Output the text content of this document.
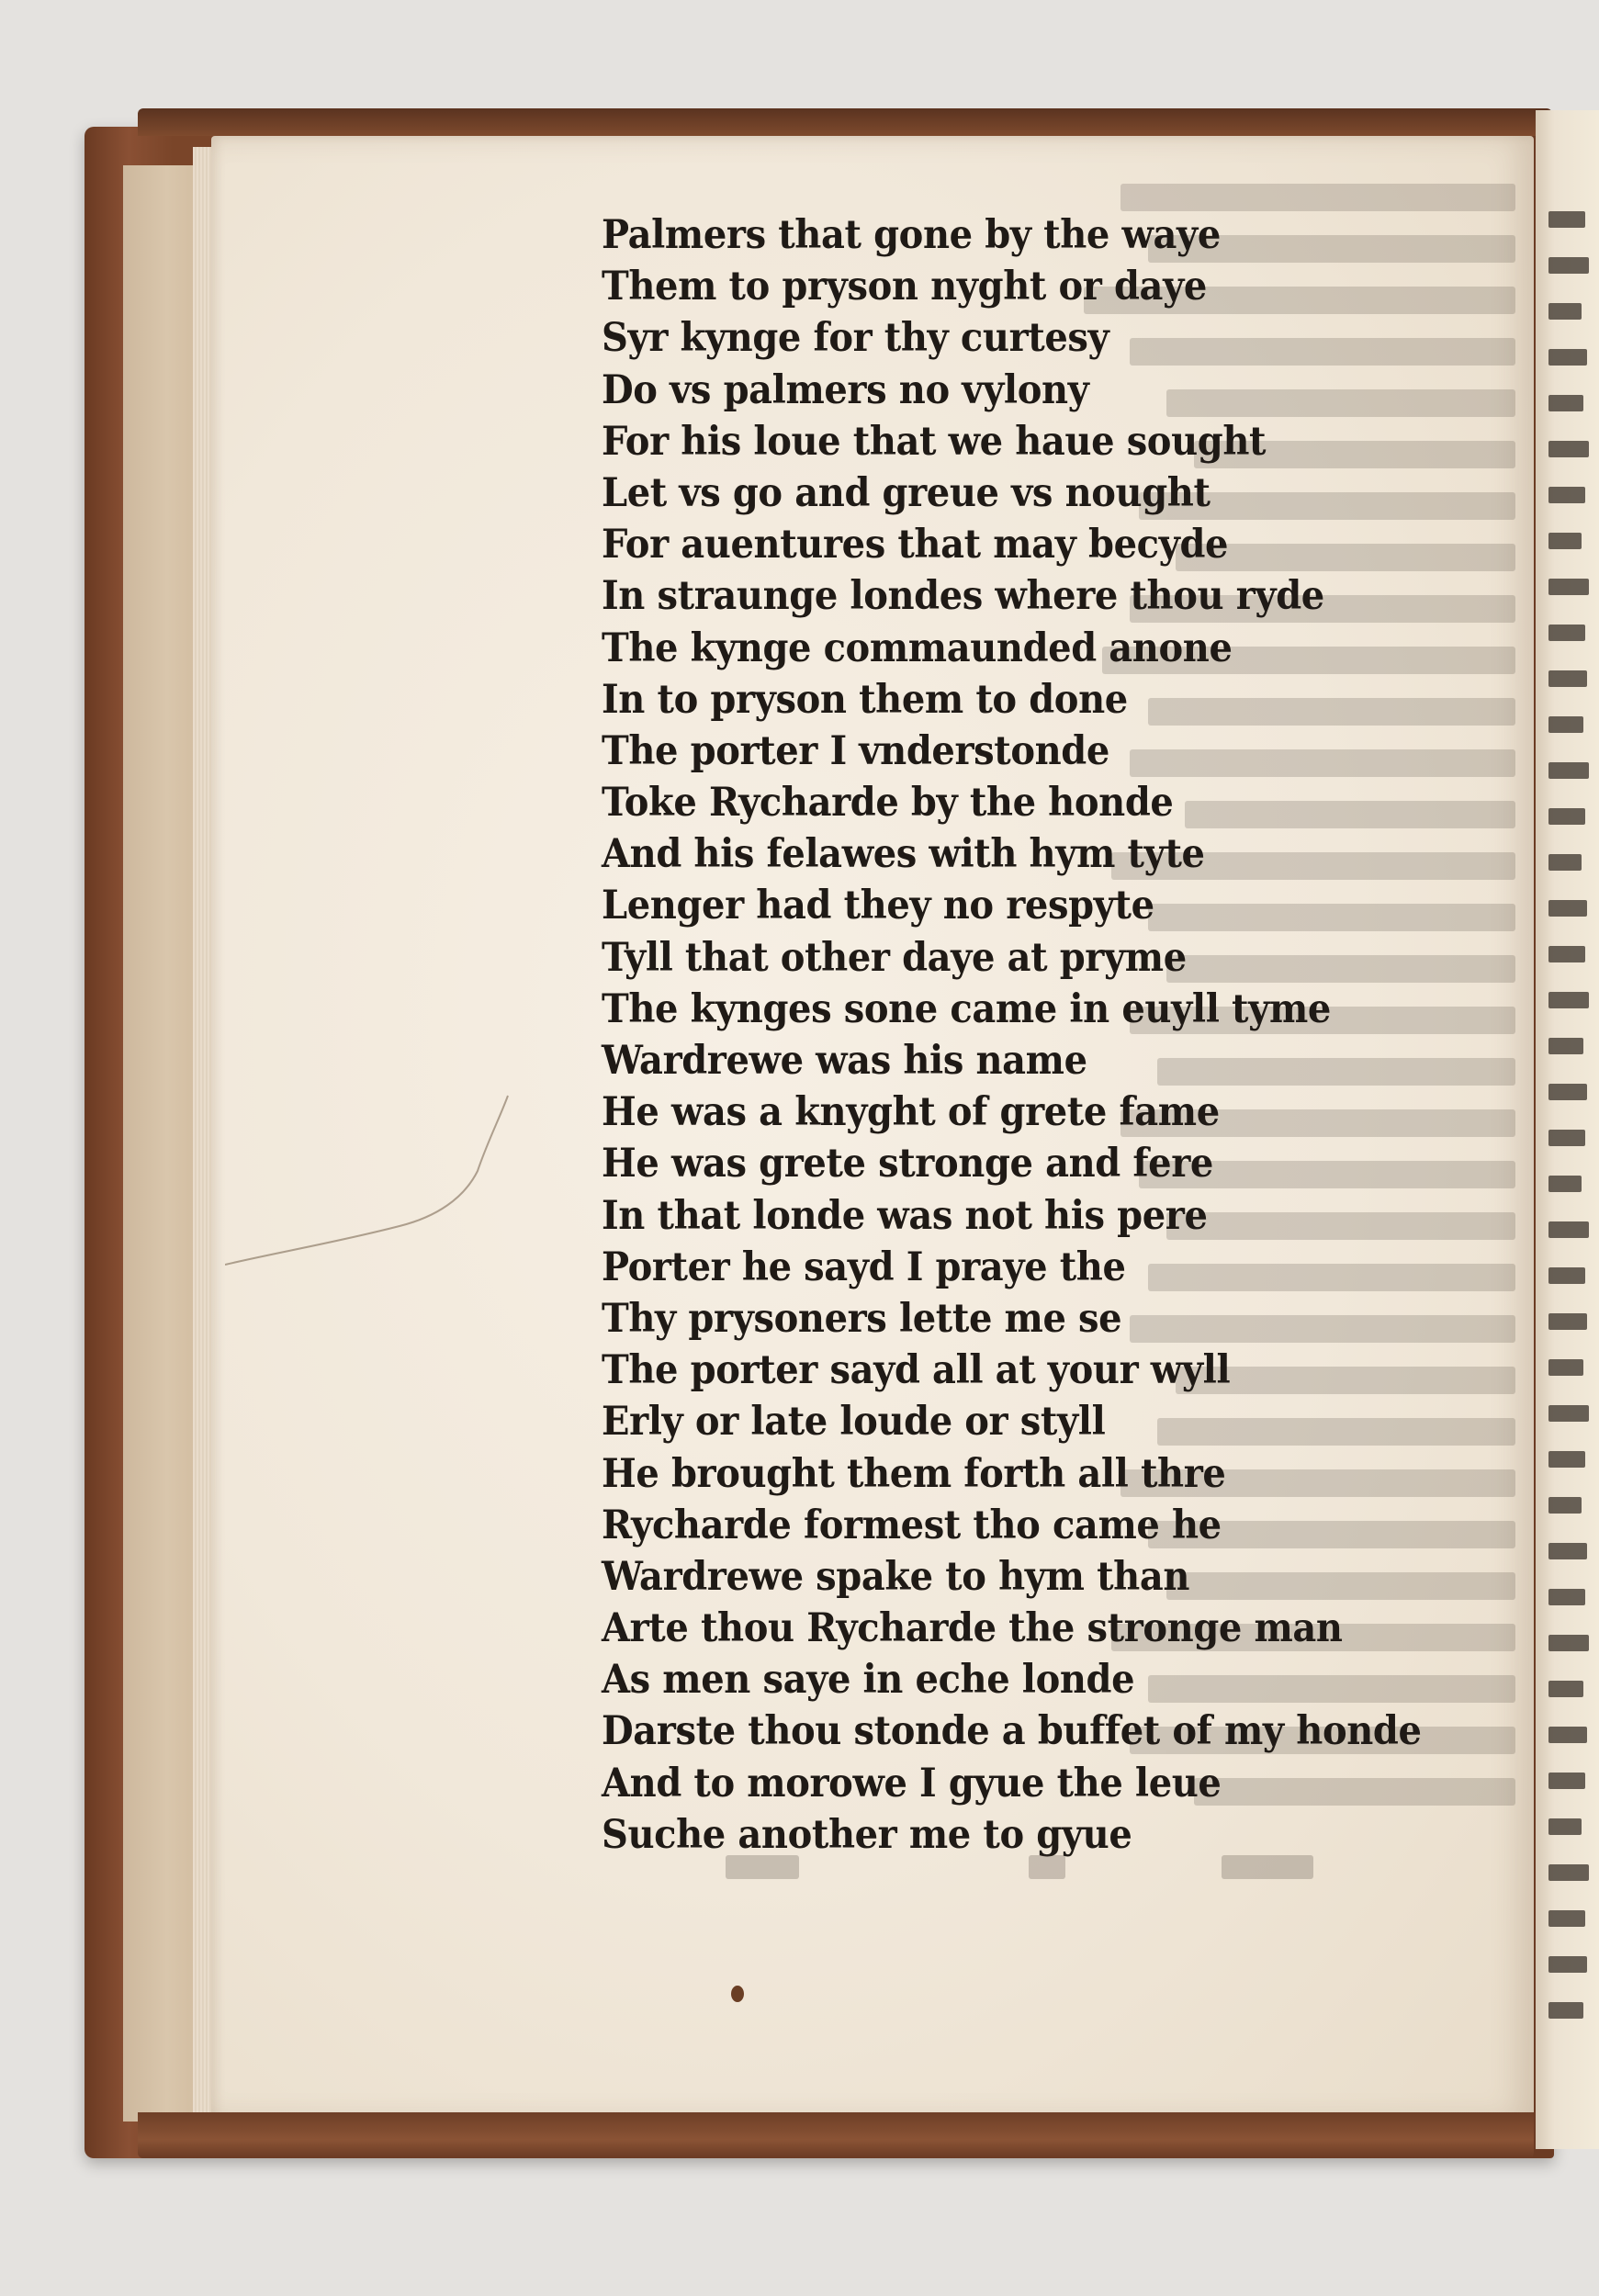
Palmers that gone by the waye
Them to pryson nyght or daye
Syr kynge for thy curtesy
Do vs palmers no vylony
For his loue that we haue sought
Let vs go and greue vs nought
For auentures that may becyde
In straunge londes where thou ryde
The kynge commaunded anone
In to pryson them to done
The porter I vnderstonde
Toke Rycharde by the honde
And his felawes with hym tyte
Lenger had they no respyte
Tyll that other daye at pryme
The kynges sone came in euyll tyme
Wardrewe was his name
He was a knyght of grete fame
He was grete stronge and fere
In that londe was not his pere
Porter he sayd I praye the
Thy prysoners lette me se
The porter sayd all at your wyll
Erly or late loude or styll
He brought them forth all thre
Rycharde formest tho came he
Wardrewe spake to hym than
Arte thou Rycharde the stronge man
As men saye in eche londe
Darste thou stonde a buffet of my honde
And to morowe I gyue the leue
Suche another me to gyue
